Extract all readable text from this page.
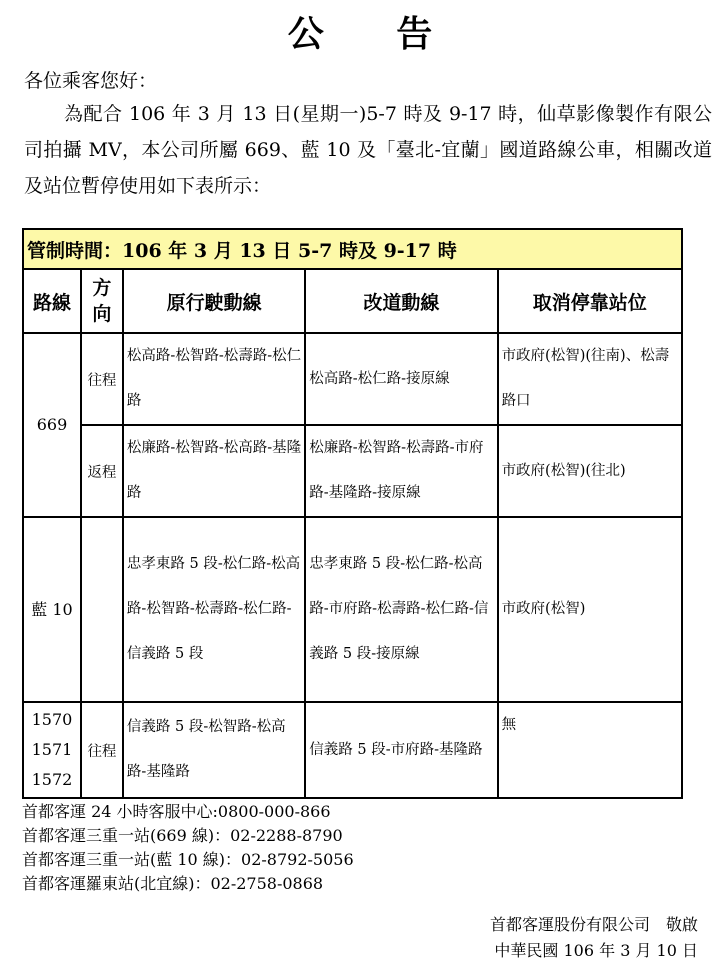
公 告
各位乘客您好：
為配合 106 年 3 月 13 日(星期一)5-7 時及 9-17 時，仙草影像製作有限公司拍攝 MV，本公司所屬 669、藍 10 及「臺北-宜蘭」國道路線公車，相關改道及站位暫停使用如下表所示：
管制時間：106 年 3 月 13 日 5-7 時及 9-17 時				
路線	方向	原行駛動線	改道動線	取消停靠站位
669	往程	松高路-松智路-松壽路-松仁路	松高路-松仁路-接原線	市政府(松智)(往南)、松壽路口
	返程	松廉路-松智路-松高路-基隆路	松廉路-松智路-松壽路-市府路-基隆路-接原線	市政府(松智)(往北)
藍 10		忠孝東路 5 段-松仁路-松高路-松智路-松壽路-松仁路-信義路 5 段	忠孝東路 5 段-松仁路-松高路-市府路-松壽路-松仁路-信義路 5 段-接原線	市政府(松智)

1570
1571
1572	往程	信義路 5 段-松智路-松高路-基隆路	信義路 5 段-市府路-基隆路	無
首都客運 24 小時客服中心:0800-000-866
首都客運三重一站(669 線)：02-2288-8790
首都客運三重一站(藍 10 線)：02-8792-5056
首都客運羅東站(北宜線)：02-2758-0868
首都客運股份有限公司　敬啟
中華民國 106 年 3 月 10 日
